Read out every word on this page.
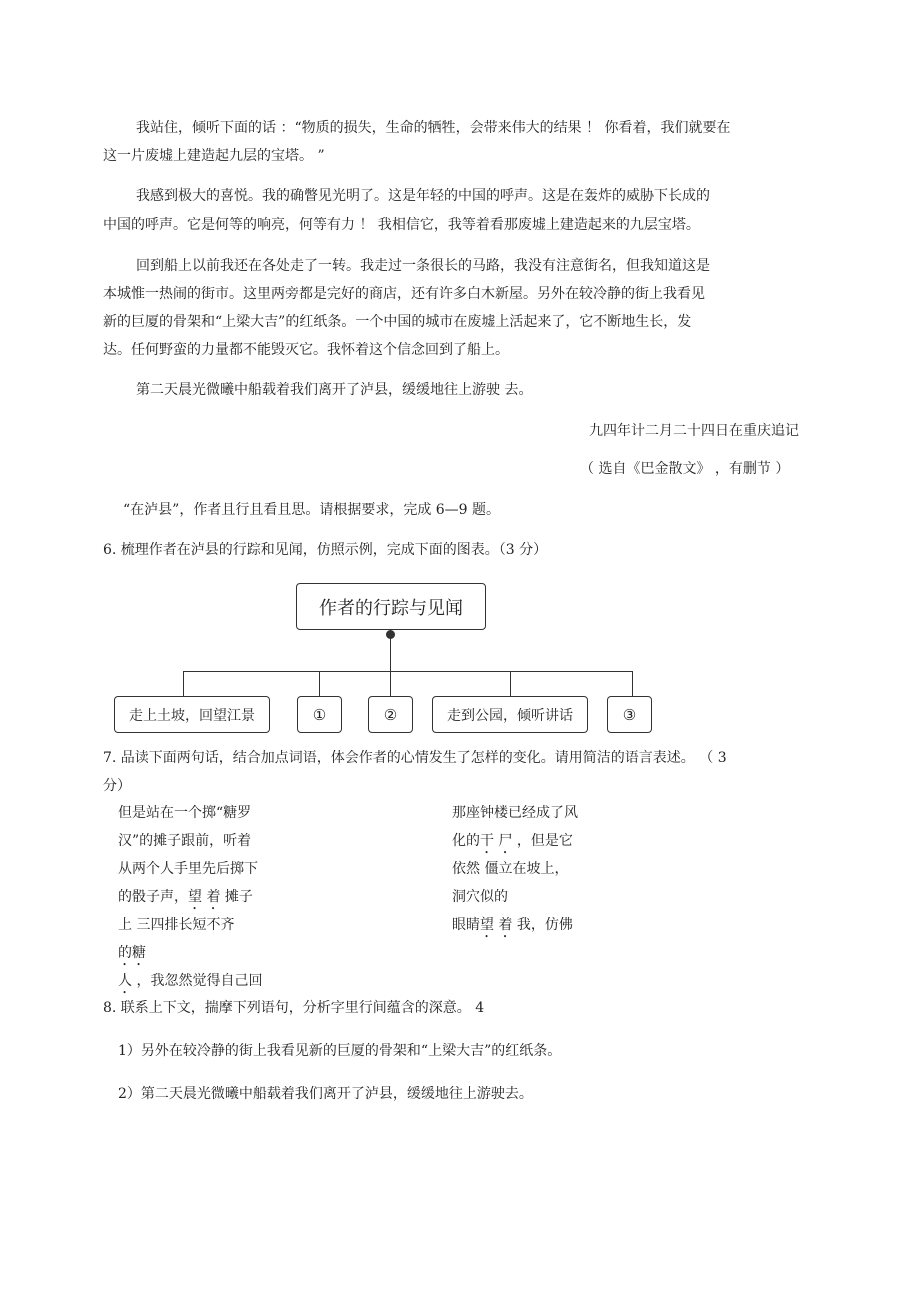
我站住，倾听下面的话 ：“物质的损失，生命的牺牲，会带来伟大的结果 ！ 你看着，我们就要在
这一片废墟上建造起九层的宝塔。 ”
我感到极大的喜悦。我的确瞥见光明了。这是年轻的中国的呼声。这是在轰炸的威胁下长成的
中国的呼声。它是何等的响亮，何等有力 ！ 我相信它，我等着看那废墟上建造起来的九层宝塔。
回到船上以前我还在各处走了一转。我走过一条很长的马路，我没有注意街名，但我知道这是
本城惟一热闹的街市。这里两旁都是完好的商店，还有许多白木新屋。另外在较冷静的街上我看见
新的巨厦的骨架和“上梁大吉”的红纸条。一个中国的城市在废墟上活起来了，它不断地生长，发
达。任何野蛮的力量都不能毁灭它。我怀着这个信念回到了船上。
第二天晨光微曦中船载着我们离开了泸县，缓缓地往上游驶 去。
九四年计二月二十四日在重庆追记
（ 选自《巴金散文》 ，有删节 ）
“在泸县”，作者且行且看且思。请根据要求，完成 6—9 题。
6. 梳理作者在泸县的行踪和见闻，仿照示例，完成下面的图表。（3 分）
作者的行踪与见闻
走上土坡，回望江景	①	②	走到公园，倾听讲话	③
7. 品读下面两句话，结合加点词语，体会作者的心情发生了怎样的变化。请用简洁的语言表述。 （ 3
分）
但是站在一个掷“糖罗
汉”的摊子跟前，听着
从两个人手里先后掷下
的骰子声，望 着 摊子
上 三四排长短不齐
的糖
人 ，我忽然觉得自己回
那座钟楼已经成了风
化的干 尸 ，但是它
依然 僵立在坡上，
洞穴似的
眼睛望 着 我，仿佛
8. 联系上下文，揣摩下列语句，分析字里行间蕴含的深意。 4
1）另外在较冷静的街上我看见新的巨厦的骨架和“上梁大吉”的红纸条。
2）第二天晨光微曦中船载着我们离开了泸县，缓缓地往上游驶去。
